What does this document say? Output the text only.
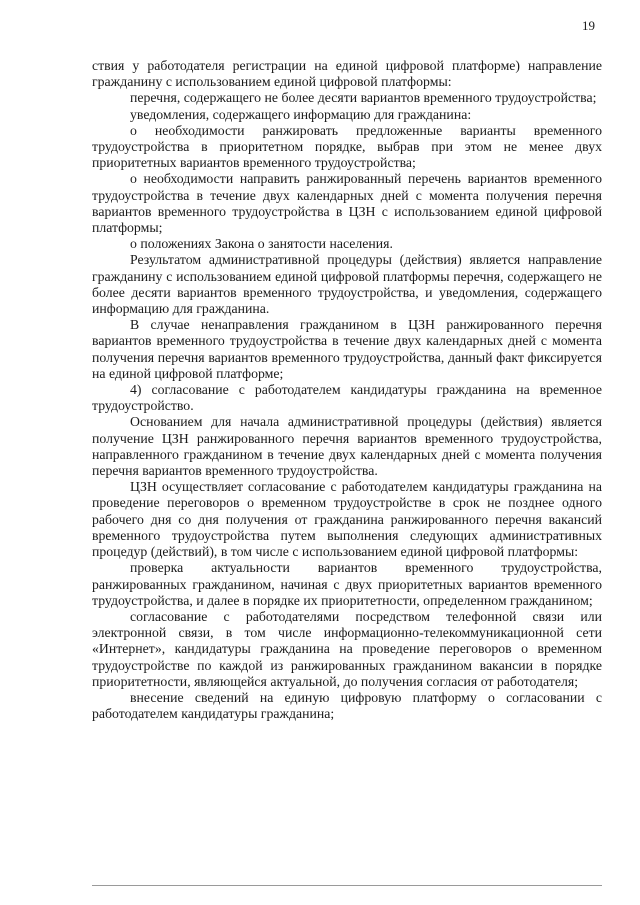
19

ствия у работодателя регистрации на единой цифровой платформе) направление гражданину с использованием единой цифровой платформы:

перечня, содержащего не более десяти вариантов временного трудоустройства;

уведомления, содержащего информацию для гражданина:

о необходимости ранжировать предложенные варианты временного трудоустройства в приоритетном порядке, выбрав при этом не менее двух приоритетных вариантов временного трудоустройства;

о необходимости направить ранжированный перечень вариантов временного трудоустройства в течение двух календарных дней с момента получения перечня вариантов временного трудоустройства в ЦЗН с использованием единой цифровой платформы;

о положениях Закона о занятости населения.

Результатом административной процедуры (действия) является направление гражданину с использованием единой цифровой платформы перечня, содержащего не более десяти вариантов временного трудоустройства, и уведомления, содержащего информацию для гражданина.

В случае ненаправления гражданином в ЦЗН ранжированного перечня вариантов временного трудоустройства в течение двух календарных дней с момента получения перечня вариантов временного трудоустройства, данный факт фиксируется на единой цифровой платформе;

4) согласование с работодателем кандидатуры гражданина на временное трудоустройство.

Основанием для начала административной процедуры (действия) является получение ЦЗН ранжированного перечня вариантов временного трудоустройства, направленного гражданином в течение двух календарных дней с момента получения перечня вариантов временного трудоустройства.

ЦЗН осуществляет согласование с работодателем кандидатуры гражданина на проведение переговоров о временном трудоустройстве в срок не позднее одного рабочего дня со дня получения от гражданина ранжированного перечня вакансий временного трудоустройства путем выполнения следующих административных процедур (действий), в том числе с использованием единой цифровой платформы:

проверка актуальности вариантов временного трудоустройства, ранжированных гражданином, начиная с двух приоритетных вариантов временного трудоустройства, и далее в порядке их приоритетности, определенном гражданином;

согласование с работодателями посредством телефонной связи или электронной связи, в том числе информационно-телекоммуникационной сети «Интернет», кандидатуры гражданина на проведение переговоров о временном трудоустройстве по каждой из ранжированных гражданином вакансии в порядке приоритетности, являющейся актуальной, до получения согласия от работодателя;

внесение сведений на единую цифровую платформу о согласовании с работодателем кандидатуры гражданина;
